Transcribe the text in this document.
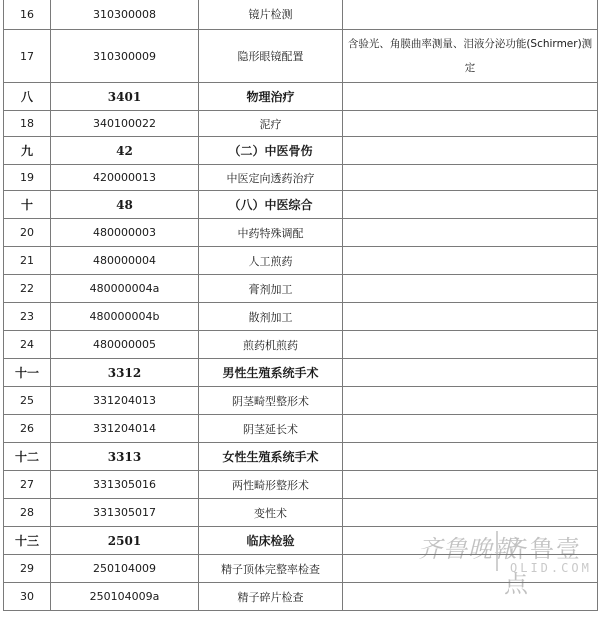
16	310300008	镜片检测	
17	310300009	隐形眼镜配置	含验光、角膜曲率测量、泪液分泌功能(Schirmer)测定
八	3401	物理治疗	
18	340100022	泥疗	
九	42	（二）中医骨伤	
19	420000013	中医定向透药治疗	
十	48	（八）中医综合	
20	480000003	中药特殊调配	
21	480000004	人工煎药	
22	480000004a	膏剂加工	
23	480000004b	散剂加工	
24	480000005	煎药机煎药	
十一	3312	男性生殖系统手术	
25	331204013	阴茎畸型整形术	
26	331204014	阴茎延长术	
十二	3313	女性生殖系统手术	
27	331305016	两性畸形整形术	
28	331305017	变性术	
十三	2501	临床检验	
29	250104009	精子顶体完整率检查	
30	250104009a	精子碎片检查	
齐鲁晚報
齐鲁壹点
QLID.COM
